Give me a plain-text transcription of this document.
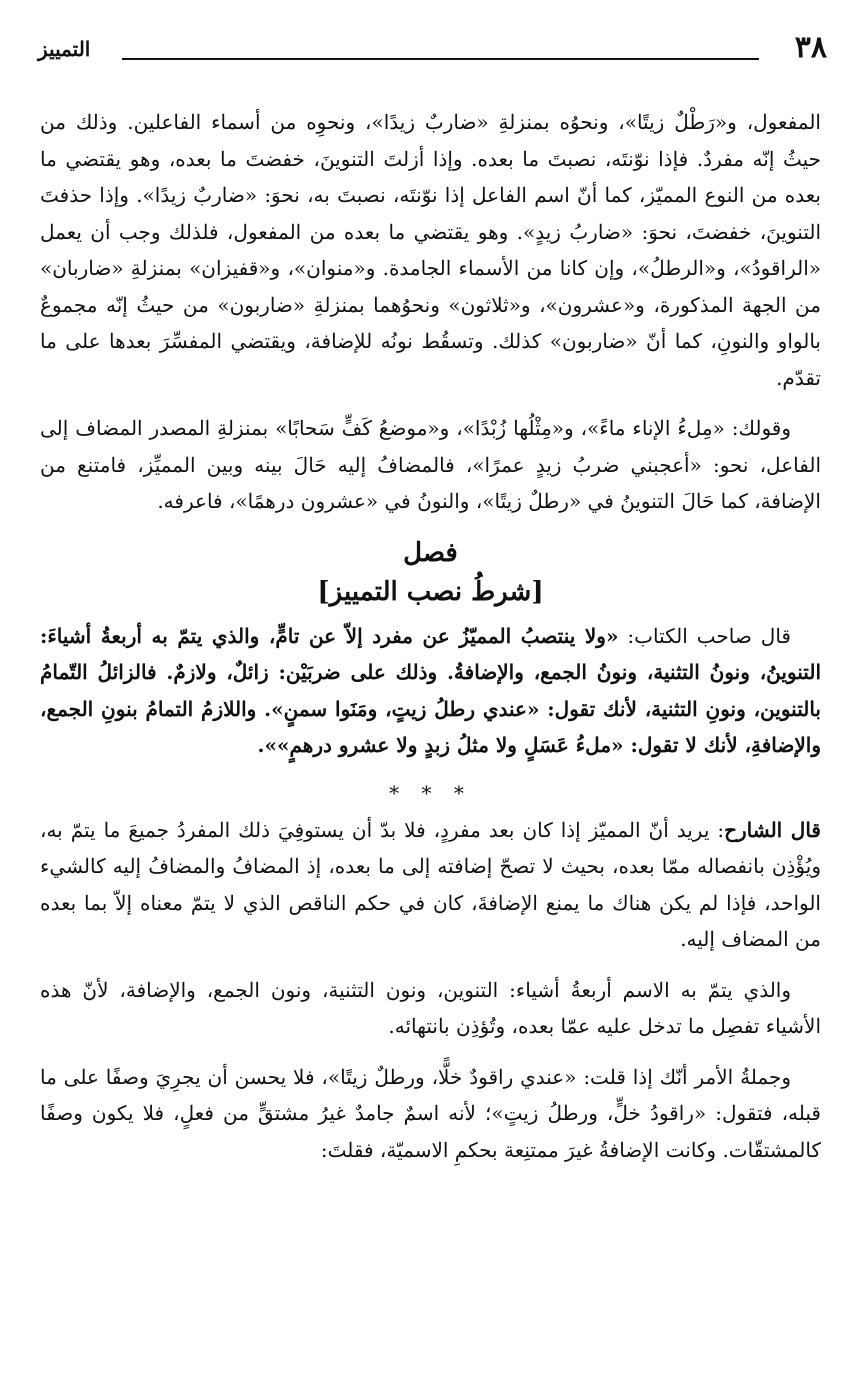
٣٨
التمييز

المفعول، و«رَطْلٌ زيتًا»، ونحوُه بمنزلةِ «ضاربٌ زيدًا»، ونحوِه من أسماء الفاعلين. وذلك من حيثُ إنّه مفردٌ. فإذا نوّنتَه، نصبتَ ما بعده. وإذا أزلتَ التنوينَ، خفضتَ ما بعده، وهو يقتضي ما بعده من النوع المميّز، كما أنّ اسم الفاعل إذا نوّنتَه، نصبتَ به، نحوَ: «ضاربٌ زيدًا». وإذا حذفتَ التنوينَ، خفضتَ، نحوَ: «ضاربُ زيدٍ». وهو يقتضي ما بعده من المفعول، فلذلك وجب أن يعمل «الراقودُ»، و«الرطلُ»، وإن كانا من الأسماء الجامدة. و«منوان»، و«قفيزان» بمنزلةِ «ضاربان» من الجهة المذكورة، و«عشرون»، و«ثلاثون» ونحوُهما بمنزلةِ «ضاربون» من حيثُ إنّه مجموعٌ بالواو والنونِ، كما أنّ «ضاربون» كذلك. وتسقُط نونُه للإضافة، ويقتضي المفسِّرَ بعدها على ما تقدّم.

وقولك: «مِلءُ الإناء ماءً»، و«مِثْلُها زُبْدًا»، و«موضعُ كَفٍّ سَحابًا» بمنزلةِ المصدر المضاف إلى الفاعل، نحو: «أعجبني ضربُ زيدٍ عمرًا»، فالمضافُ إليه حَالَ بينه وبين المميِّز، فامتنع من الإضافة، كما حَالَ التنوينُ في «رطلٌ زيتًا»، والنونُ في «عشرون درهمًا»، فاعرفه.

فصل
[شرطُ نصب التمييز]

قال صاحب الكتاب: «ولا ينتصبُ المميّزُ عن مفرد إلاّ عن تامٍّ، والذي يتمّ به أربعةُ أشياءَ: التنوينُ، ونونُ التثنية، ونونُ الجمع، والإضافةُ. وذلك على ضربَيْن: زائلٌ، ولازمٌ. فالزائلُ التّمامُ بالتنوين، ونونِ التثنية، لأنك تقول: «عندي رطلُ زيتٍ، ومَنَوا سمنٍ». واللازمُ التمامُ بنونِ الجمع، والإضافةِ، لأنك لا تقول: «ملءُ عَسَلٍ ولا مثلُ زبدٍ ولا عشرو درهمٍ»».

* * *

قال الشارح: يريد أنّ المميّز إذا كان بعد مفردٍ، فلا بدّ أن يستوفِيَ ذلك المفردُ جميعَ ما يتمّ به، ويُؤْذِن بانفصاله ممّا بعده، بحيث لا تصحّ إضافته إلى ما بعده، إذ المضافُ والمضافُ إليه كالشيء الواحد، فإذا لم يكن هناك ما يمنع الإضافةَ، كان في حكم الناقص الذي لا يتمّ معناه إلاّ بما بعده من المضاف إليه.

والذي يتمّ به الاسم أربعةُ أشياء: التنوين، ونون التثنية، ونون الجمع، والإضافة، لأنّ هذه الأشياء تفصِل ما تدخل عليه عمّا بعده، وتُؤذِن بانتهائه.

وجملةُ الأمر أنّك إذا قلت: «عندي راقودٌ خلًّا، ورطلٌ زيتًا»، فلا يحسن أن يجرِيَ وصفًا على ما قبله، فتقول: «راقودُ خلٍّ، ورطلُ زيتٍ»؛ لأنه اسمٌ جامدٌ غيرُ مشتقٍّ من فعلٍ، فلا يكون وصفًا كالمشتقّات. وكانت الإضافةُ غيرَ ممتنِعة بحكمِ الاسميّة، فقلتَ:
